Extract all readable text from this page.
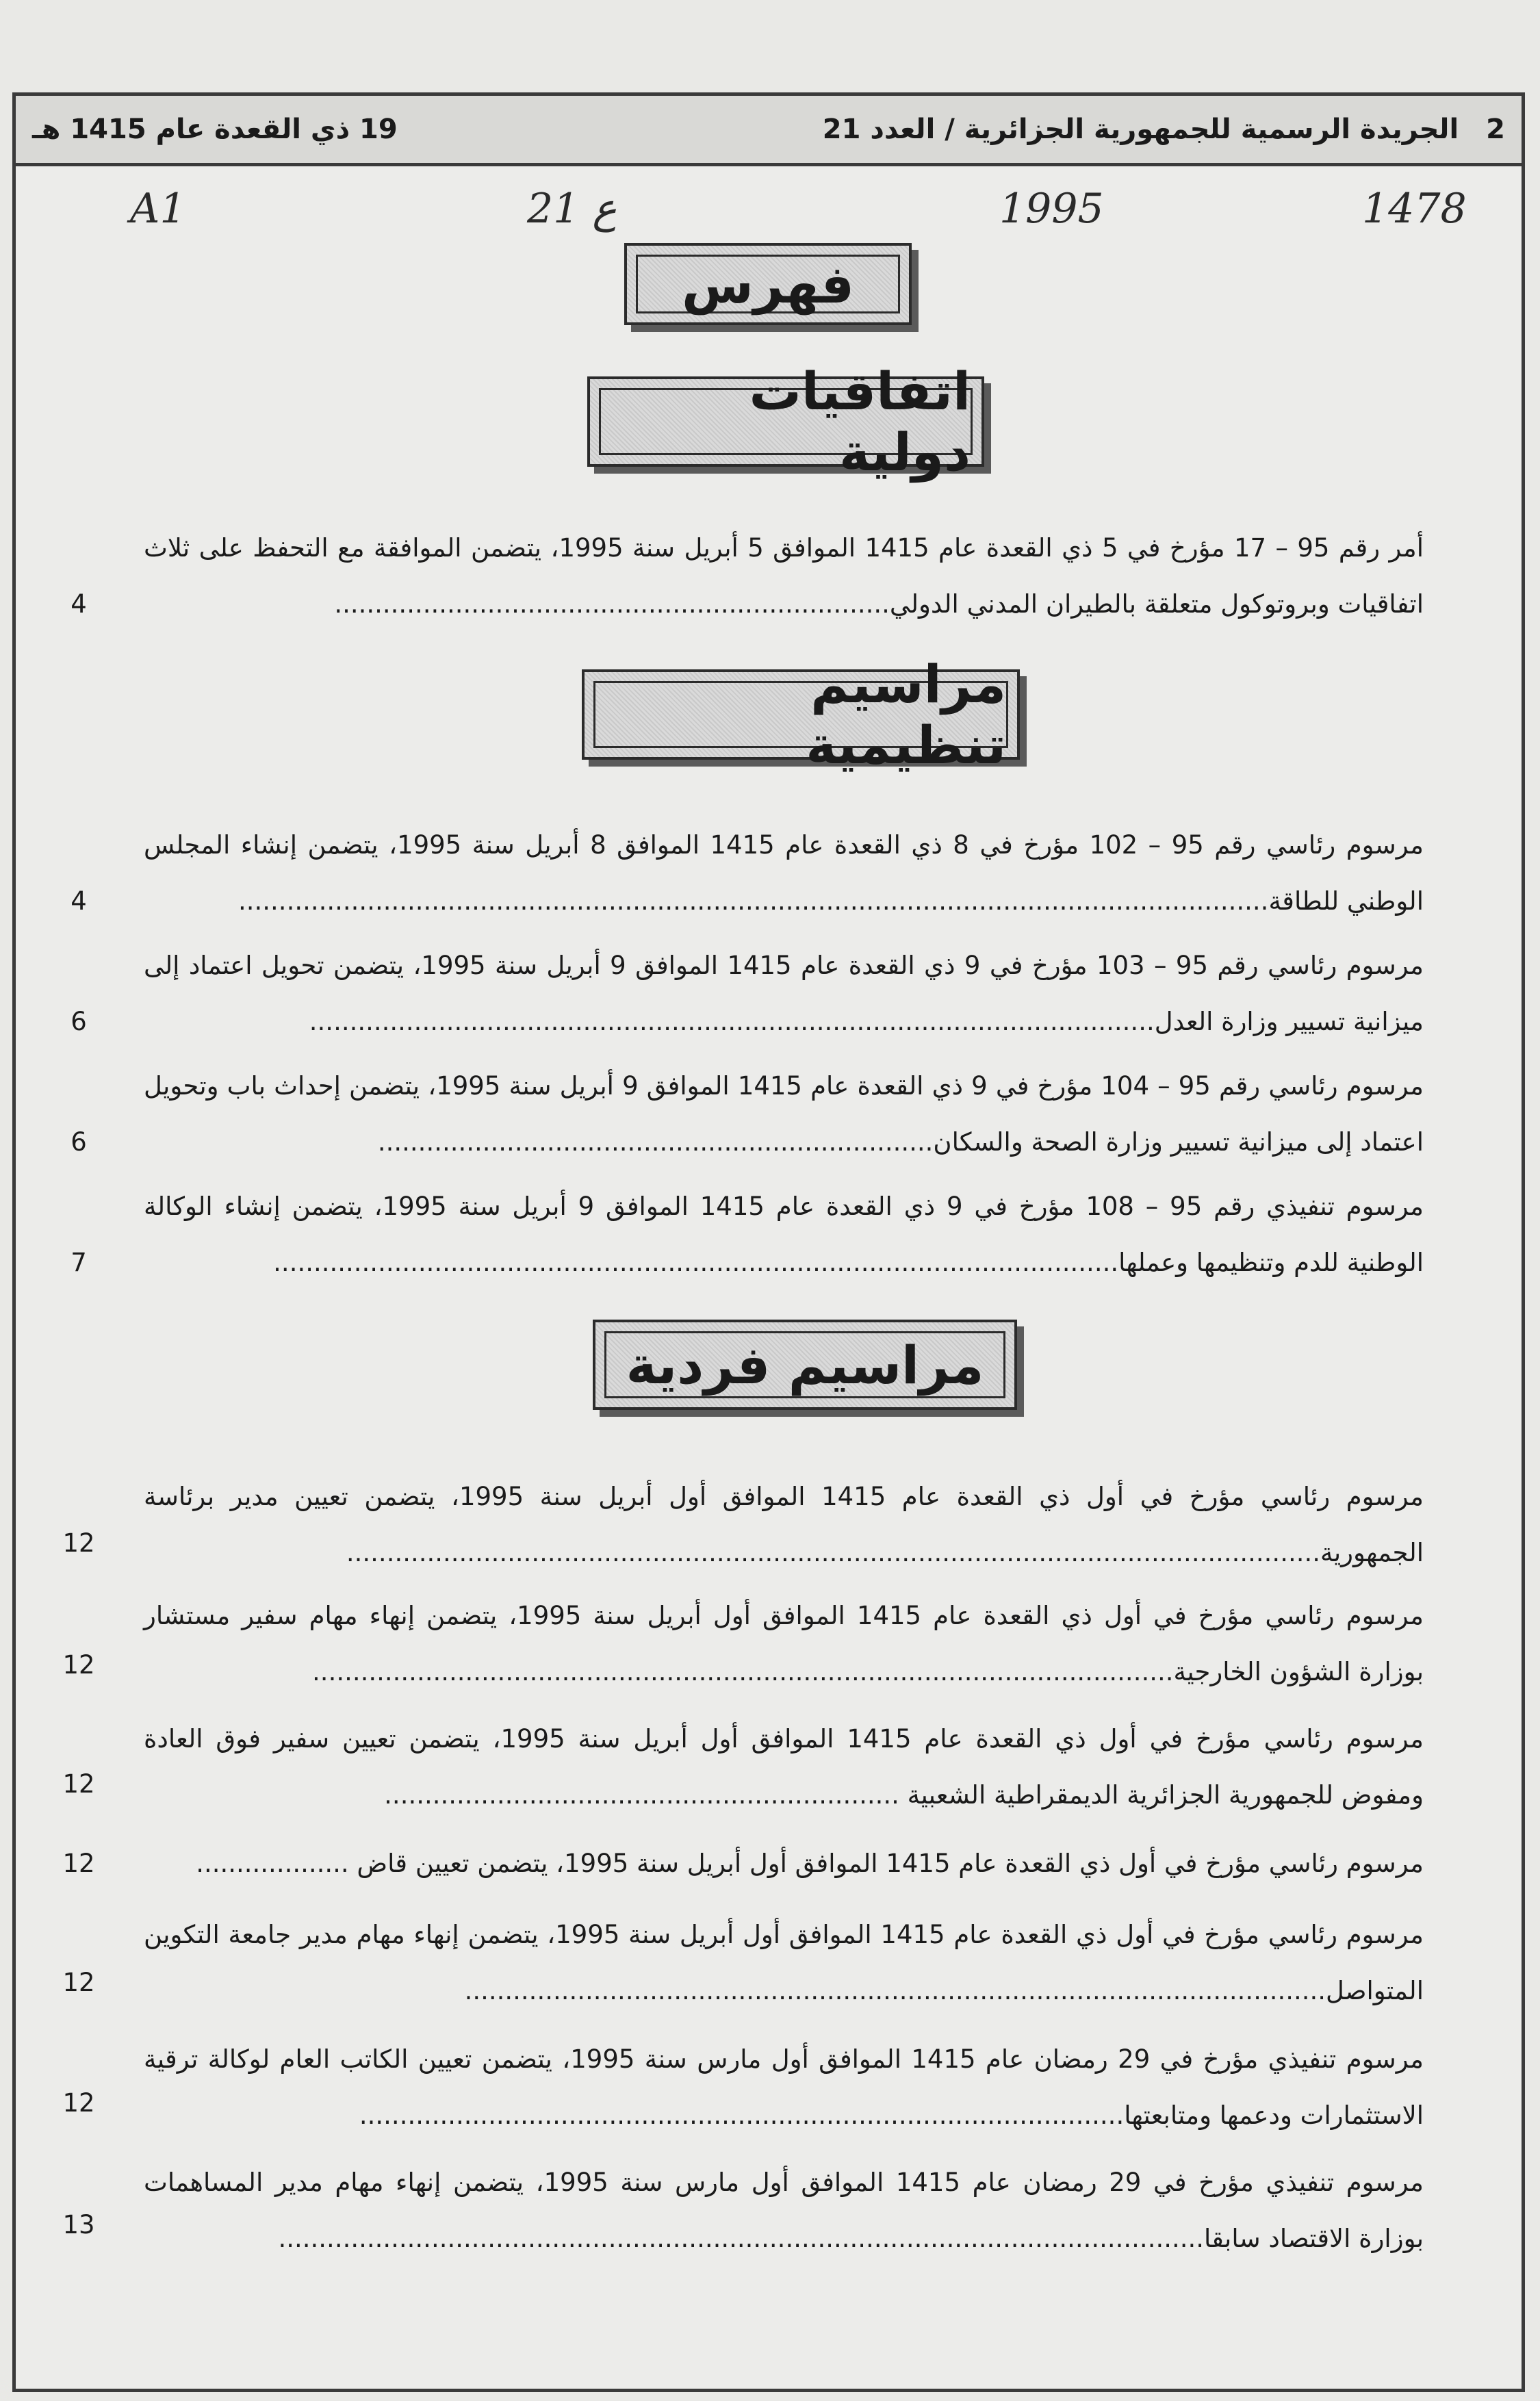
2
الجريدة الرسمية للجمهورية الجزائرية / العدد 21
19 ذي القعدة عام 1415 هـ
A1	ع 21	1995	1478
فهرس
اتفاقيات دولية
أمر رقم 95 – 17 مؤرخ في 5 ذي القعدة عام 1415 الموافق 5 أبريل سنة 1995، يتضمن الموافقة مع التحفظ على ثلاث اتفاقيات وبروتوكول متعلقة بالطيران المدني الدولي.....................................................................
4
مراسيم تنظيمية
مرسوم رئاسي رقم 95 – 102 مؤرخ في 8 ذي القعدة عام 1415 الموافق 8 أبريل سنة 1995، يتضمن إنشاء المجلس الوطني للطاقة................................................................................................................................
4
مرسوم رئاسي رقم 95 – 103 مؤرخ في 9 ذي القعدة عام 1415 الموافق 9 أبريل سنة 1995، يتضمن تحويل اعتماد إلى ميزانية تسيير وزارة العدل.........................................................................................................
6
مرسوم رئاسي رقم 95 – 104 مؤرخ في 9 ذي القعدة عام 1415 الموافق 9 أبريل سنة 1995، يتضمن إحداث باب وتحويل اعتماد إلى ميزانية تسيير وزارة الصحة والسكان.....................................................................
6
مرسوم تنفيذي رقم 95 – 108 مؤرخ في 9 ذي القعدة عام 1415 الموافق 9 أبريل سنة 1995، يتضمن إنشاء الوكالة الوطنية للدم وتنظيمها وعملها.........................................................................................................
7
مراسيم فردية
مرسوم رئاسي مؤرخ في أول ذي القعدة عام 1415 الموافق أول أبريل سنة 1995، يتضمن تعيين مدير برئاسة الجمهورية.........................................................................................................................
12
مرسوم رئاسي مؤرخ في أول ذي القعدة عام 1415 الموافق أول أبريل سنة 1995، يتضمن إنهاء مهام سفير مستشار بوزارة الشؤون الخارجية...........................................................................................................
12
مرسوم رئاسي مؤرخ في أول ذي القعدة عام 1415 الموافق أول أبريل سنة 1995، يتضمن تعيين سفير فوق العادة ومفوض للجمهورية الجزائرية الديمقراطية الشعبية ................................................................
12
مرسوم رئاسي مؤرخ في أول ذي القعدة عام 1415 الموافق أول أبريل سنة 1995، يتضمن تعيين قاض ...................
12
مرسوم رئاسي مؤرخ في أول ذي القعدة عام 1415 الموافق أول أبريل سنة 1995، يتضمن إنهاء مهام مدير جامعة التكوين المتواصل...........................................................................................................
12
مرسوم تنفيذي مؤرخ في 29 رمضان عام 1415 الموافق أول مارس سنة 1995، يتضمن تعيين الكاتب العام لوكالة ترقية الاستثمارات ودعمها ومتابعتها...............................................................................................
12
مرسوم تنفيذي مؤرخ في 29 رمضان عام 1415 الموافق أول مارس سنة 1995، يتضمن إنهاء مهام مدير المساهمات بوزارة الاقتصاد سابقا...................................................................................................................
13
